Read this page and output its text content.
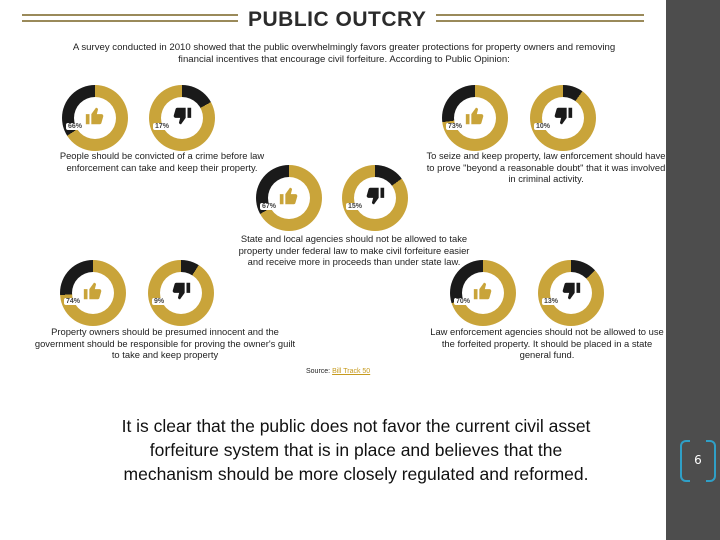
6
PUBLIC OUTCRY
A survey conducted in 2010 showed that the public overwhelmingly favors greater protections for property owners and removing financial incentives that encourage civil forfeiture. According to Public Opinion:
66%	17%
People should be convicted of a crime before law enforcement can take and keep their property.
73%	10%
To seize and keep property, law enforcement should have to prove "beyond a reasonable doubt" that it was involved in criminal activity.
67%	15%
State and local agencies should not be allowed to take property under federal law to make civil forfeiture easier and receive more in proceeds than under state law.
74%	9%
Property owners should be presumed innocent and the government should be responsible for proving the owner's guilt to take and keep property
70%	13%
Law enforcement agencies should not be allowed to use the forfeited property. It should be placed in a state general fund.
Source: Bill Track 50
It is clear that the public does not favor the current civil asset forfeiture system that is in place and believes that the mechanism should be more closely regulated and reformed.
